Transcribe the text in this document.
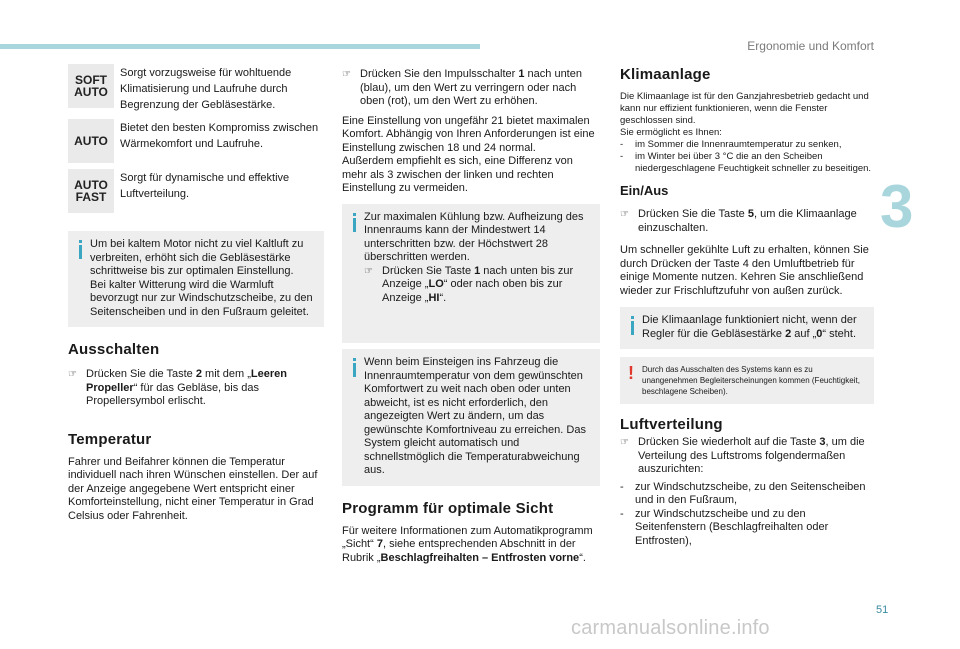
Ergonomie und Komfort
3
51
carmanualsonline.info
SOFT
AUTO
Sorgt vorzugsweise für wohltuende Klimatisierung und Laufruhe durch Begrenzung der Gebläsestärke.
AUTO
Bietet den besten Kompromiss zwischen Wärmekomfort und Laufruhe.
AUTO
FAST
Sorgt für dynamische und effektive Luftverteilung.
Um bei kaltem Motor nicht zu viel Kaltluft zu verbreiten, erhöht sich die Gebläsestärke schrittweise bis zur optimalen Einstellung.
Bei kalter Witterung wird die Warmluft bevorzugt nur zur Windschutzscheibe, zu den Seitenscheiben und in den Fußraum geleitet.
Ausschalten
☞ Drücken Sie die Taste 2 mit dem „Leeren Propeller“ für das Gebläse, bis das Propellersymbol erlischt.
Temperatur
Fahrer und Beifahrer können die Temperatur individuell nach ihren Wünschen einstellen. Der auf der Anzeige angegebene Wert entspricht einer Komforteinstellung, nicht einer Temperatur in Grad Celsius oder Fahrenheit.
☞ Drücken Sie den Impulsschalter 1 nach unten (blau), um den Wert zu verringern oder nach oben (rot), um den Wert zu erhöhen.
Eine Einstellung von ungefähr 21 bietet maximalen Komfort. Abhängig von Ihren Anforderungen ist eine Einstellung zwischen 18 und 24 normal.
Außerdem empfiehlt es sich, eine Differenz von mehr als 3 zwischen der linken und rechten Einstellung zu vermeiden.
Zur maximalen Kühlung bzw. Aufheizung des Innenraums kann der Mindestwert 14 unterschritten bzw. der Höchstwert 28 überschritten werden.
☞ Drücken Sie Taste 1 nach unten bis zur Anzeige „LO“ oder nach oben bis zur Anzeige „HI“.
Wenn beim Einsteigen ins Fahrzeug die Innenraumtemperatur von dem gewünschten Komfortwert zu weit nach oben oder unten abweicht, ist es nicht erforderlich, den angezeigten Wert zu ändern, um das gewünschte Komfortniveau zu erreichen. Das System gleicht automatisch und schnellstmöglich die Temperaturabweichung aus.
Programm für optimale Sicht
Für weitere Informationen zum Automatikprogramm „Sicht“ 7, siehe entsprechenden Abschnitt in der Rubrik „Beschlagfreihalten – Entfrosten vorne“.
Klimaanlage
Die Klimaanlage ist für den Ganzjahresbetrieb gedacht und kann nur effizient funktionieren, wenn die Fenster geschlossen sind.
Sie ermöglicht es Ihnen:
-	im Sommer die Innenraumtemperatur zu senken,
-	im Winter bei über 3 °C die an den Scheiben niedergeschlagene Feuchtigkeit schneller zu beseitigen.
Ein/Aus
☞ Drücken Sie die Taste 5, um die Klimaanlage einzuschalten.
Um schneller gekühlte Luft zu erhalten, können Sie durch Drücken der Taste 4 den Umluftbetrieb für einige Momente nutzen. Kehren Sie anschließend wieder zur Frischluftzufuhr von außen zurück.
Die Klimaanlage funktioniert nicht, wenn der Regler für die Gebläsestärke 2 auf „0“ steht.
! Durch das Ausschalten des Systems kann es zu unangenehmen Begleiterscheinungen kommen (Feuchtigkeit, beschlagene Scheiben).
Luftverteilung
☞ Drücken Sie wiederholt auf die Taste 3, um die Verteilung des Luftstroms folgendermaßen auszurichten:
-	zur Windschutzscheibe, zu den Seitenscheiben und in den Fußraum,
-	zur Windschutzscheibe und zu den Seitenfenstern (Beschlagfreihalten oder Entfrosten),
